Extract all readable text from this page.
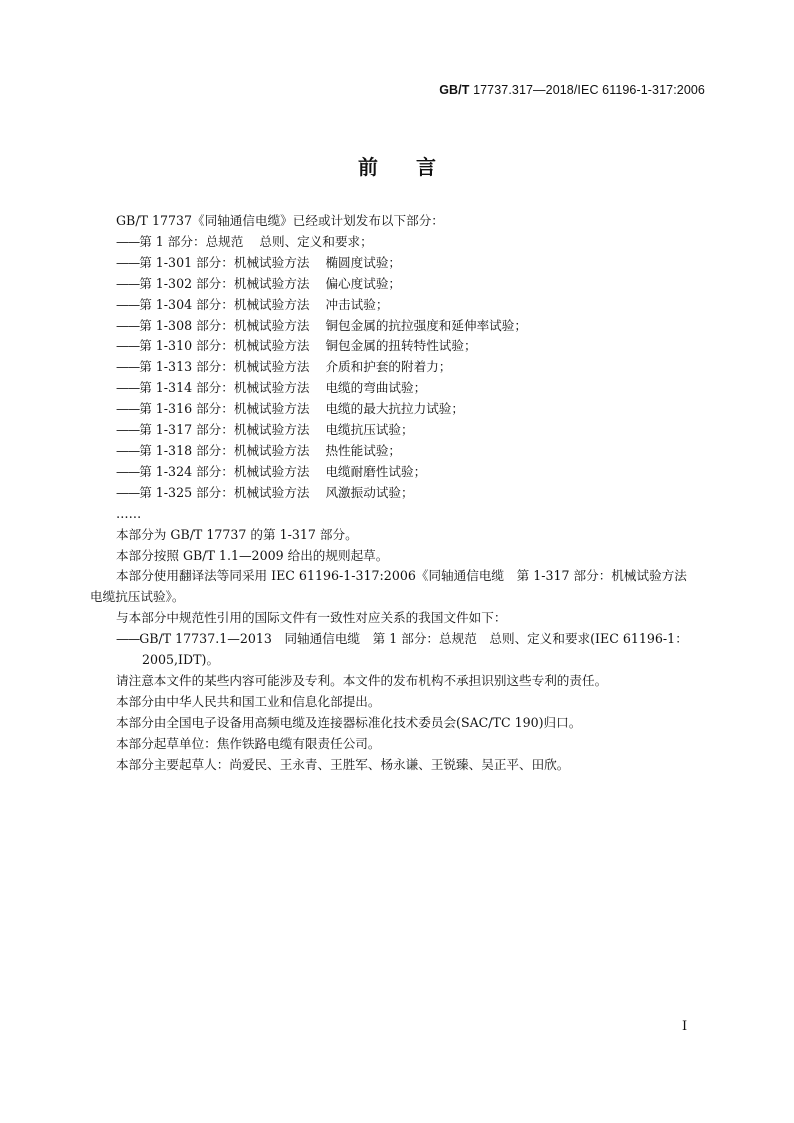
GB/T 17737.317—2018/IEC 61196-1-317:2006
前言
GB/T 17737《同轴通信电缆》已经或计划发布以下部分：
——第 1 部分：总规范 总则、定义和要求；
——第 1-301 部分：机械试验方法 椭圆度试验；
——第 1-302 部分：机械试验方法 偏心度试验；
——第 1-304 部分：机械试验方法 冲击试验；
——第 1-308 部分：机械试验方法 铜包金属的抗拉强度和延伸率试验；
——第 1-310 部分：机械试验方法 铜包金属的扭转特性试验；
——第 1-313 部分：机械试验方法 介质和护套的附着力；
——第 1-314 部分：机械试验方法 电缆的弯曲试验；
——第 1-316 部分：机械试验方法 电缆的最大抗拉力试验；
——第 1-317 部分：机械试验方法 电缆抗压试验；
——第 1-318 部分：机械试验方法 热性能试验；
——第 1-324 部分：机械试验方法 电缆耐磨性试验；
——第 1-325 部分：机械试验方法 风激振动试验；
……
本部分为 GB/T 17737 的第 1-317 部分。
本部分按照 GB/T 1.1—2009 给出的规则起草。
本部分使用翻译法等同采用 IEC 61196-1-317:2006《同轴通信电缆　第 1-317 部分：机械试验方法　电缆抗压试验》。
与本部分中规范性引用的国际文件有一致性对应关系的我国文件如下：
——GB/T 17737.1—2013　同轴通信电缆　第 1 部分：总规范　总则、定义和要求(IEC 61196-1：
2005,IDT)。
请注意本文件的某些内容可能涉及专利。本文件的发布机构不承担识别这些专利的责任。
本部分由中华人民共和国工业和信息化部提出。
本部分由全国电子设备用高频电缆及连接器标准化技术委员会(SAC/TC 190)归口。
本部分起草单位：焦作铁路电缆有限责任公司。
本部分主要起草人：尚爱民、王永青、王胜军、杨永谦、王锐臻、吴正平、田欣。
I
